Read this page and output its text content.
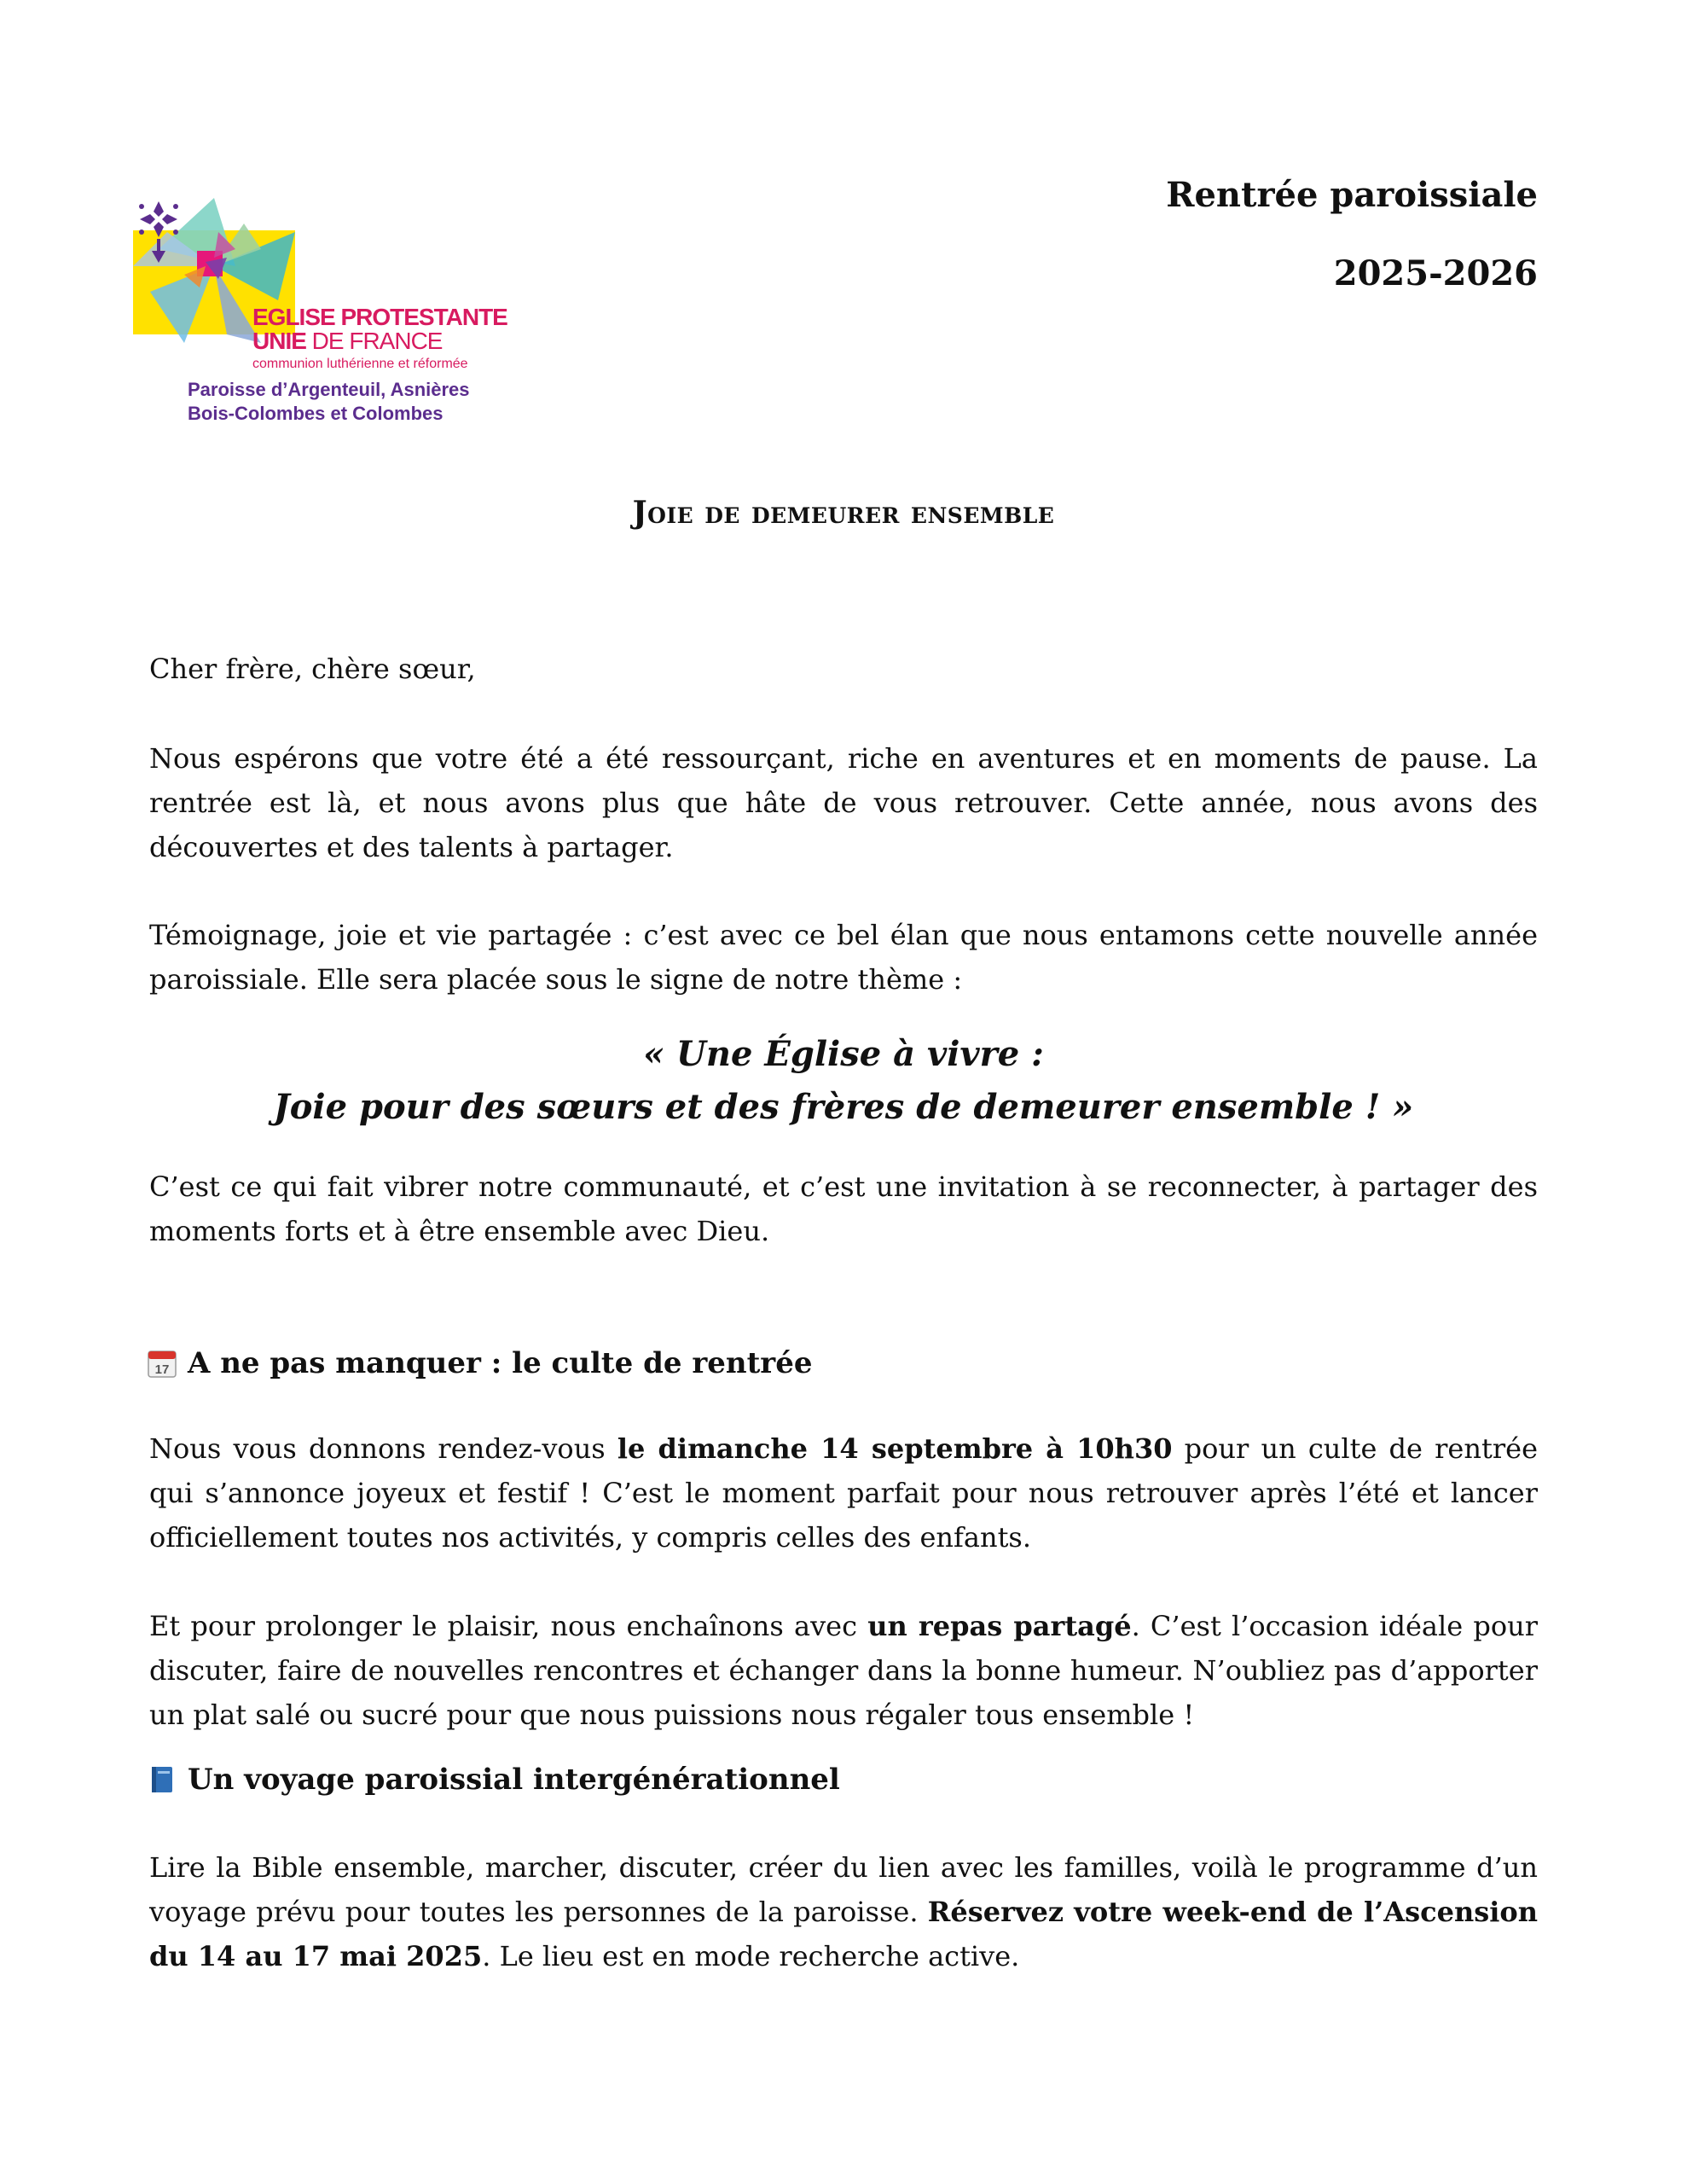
EGLISE PROTESTANTE
UNIE DE FRANCE
communion luthérienne et réformée
Paroisse d’Argenteuil, Asnières
Bois-Colombes et Colombes
Rentrée paroissiale
2025-2026
Joie de demeurer ensemble
Cher frère, chère sœur,
Nous espérons que votre été a été ressourçant, riche en aventures et en moments de pause. La rentrée est là, et nous avons plus que hâte de vous retrouver. Cette année, nous avons des découvertes et des talents à partager.
Témoignage, joie et vie partagée : c’est avec ce bel élan que nous entamons cette nouvelle année paroissiale. Elle sera placée sous le signe de notre thème :
« Une Église à vivre :
Joie pour des sœurs et des frères de demeurer ensemble ! »
C’est ce qui fait vibrer notre communauté, et c’est une invitation à se reconnecter, à partager des moments forts et à être ensemble avec Dieu.
17 A ne pas manquer : le culte de rentrée
Nous vous donnons rendez-vous le dimanche 14 septembre à 10h30 pour un culte de rentrée qui s’annonce joyeux et festif ! C’est le moment parfait pour nous retrouver après l’été et lancer officiellement toutes nos activités, y compris celles des enfants.
Et pour prolonger le plaisir, nous enchaînons avec un repas partagé. C’est l’occasion idéale pour discuter, faire de nouvelles rencontres et échanger dans la bonne humeur. N’oubliez pas d’apporter un plat salé ou sucré pour que nous puissions nous régaler tous ensemble !
Un voyage paroissial intergénérationnel
Lire la Bible ensemble, marcher, discuter, créer du lien avec les familles, voilà le programme d’un voyage prévu pour toutes les personnes de la paroisse. Réservez votre week-end de l’Ascension du 14 au 17 mai 2025. Le lieu est en mode recherche active.
